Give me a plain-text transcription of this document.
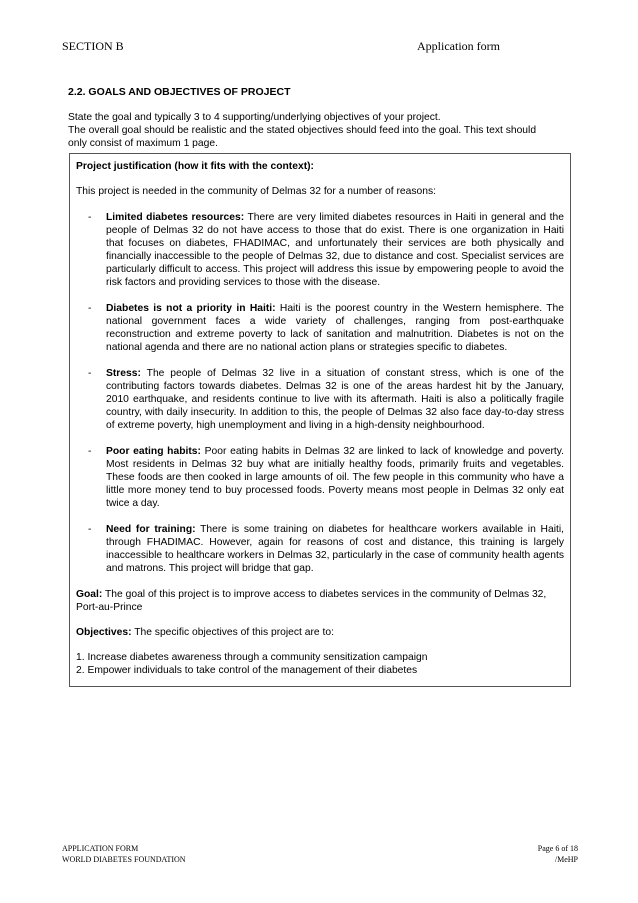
SECTION B	Application form
2.2. GOALS AND OBJECTIVES OF PROJECT
State the goal and typically 3 to 4 supporting/underlying objectives of your project.
The overall goal should be realistic and the stated objectives should feed into the goal. This text should
only consist of maximum 1 page.
Project justification (how it fits with the context):
This project is needed in the community of Delmas 32 for a number of reasons:
- Limited diabetes resources: There are very limited diabetes resources in Haiti in general and the people of Delmas 32 do not have access to those that do exist. There is one organization in Haiti that focuses on diabetes, FHADIMAC, and unfortunately their services are both physically and financially inaccessible to the people of Delmas 32, due to distance and cost. Specialist services are particularly difficult to access. This project will address this issue by empowering people to avoid the risk factors and providing services to those with the disease.
- Diabetes is not a priority in Haiti: Haiti is the poorest country in the Western hemisphere. The national government faces a wide variety of challenges, ranging from post-earthquake reconstruction and extreme poverty to lack of sanitation and malnutrition. Diabetes is not on the national agenda and there are no national action plans or strategies specific to diabetes.
- Stress: The people of Delmas 32 live in a situation of constant stress, which is one of the contributing factors towards diabetes. Delmas 32 is one of the areas hardest hit by the January, 2010 earthquake, and residents continue to live with its aftermath. Haiti is also a politically fragile country, with daily insecurity. In addition to this, the people of Delmas 32 also face day-to-day stress of extreme poverty, high unemployment and living in a high-density neighbourhood.
- Poor eating habits: Poor eating habits in Delmas 32 are linked to lack of knowledge and poverty. Most residents in Delmas 32 buy what are initially healthy foods, primarily fruits and vegetables. These foods are then cooked in large amounts of oil. The few people in this community who have a little more money tend to buy processed foods. Poverty means most people in Delmas 32 only eat twice a day.
- Need for training: There is some training on diabetes for healthcare workers available in Haiti, through FHADIMAC. However, again for reasons of cost and distance, this training is largely inaccessible to healthcare workers in Delmas 32, particularly in the case of community health agents and matrons. This project will bridge that gap.
Goal: The goal of this project is to improve access to diabetes services in the community of Delmas 32, Port-au-Prince
Objectives: The specific objectives of this project are to:
1. Increase diabetes awareness through a community sensitization campaign
2. Empower individuals to take control of the management of their diabetes
APPLICATION FORM
WORLD DIABETES FOUNDATION
Page 6 of 18
/MeHP
